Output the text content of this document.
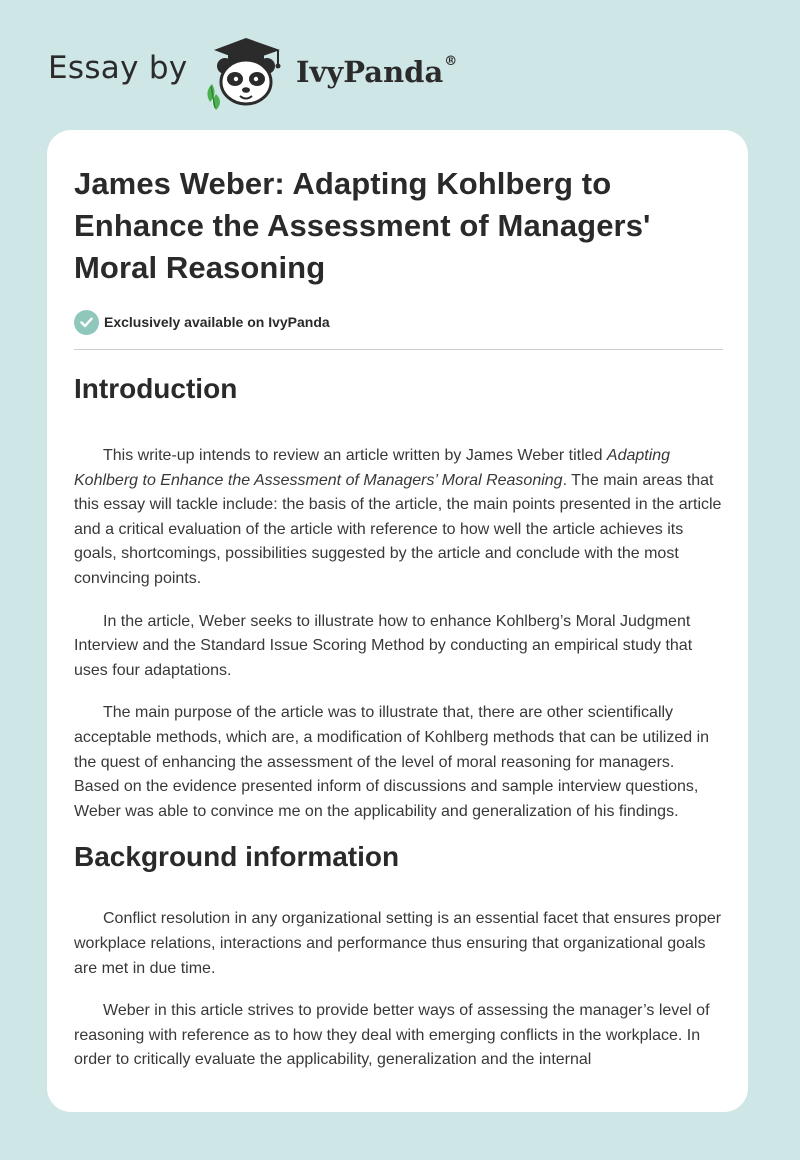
Essay by	IvyPanda®
James Weber: Adapting Kohlberg to Enhance the Assessment of Managers' Moral Reasoning
Exclusively available on IvyPanda
Introduction

This write-up intends to review an article written by James Weber titled Adapting Kohlberg to Enhance the Assessment of Managers’ Moral Reasoning. The main areas that this essay will tackle include: the basis of the article, the main points presented in the article and a critical evaluation of the article with reference to how well the article achieves its goals, shortcomings, possibilities suggested by the article and conclude with the most convincing points.

In the article, Weber seeks to illustrate how to enhance Kohlberg’s Moral Judgment Interview and the Standard Issue Scoring Method by conducting an empirical study that uses four adaptations.

The main purpose of the article was to illustrate that, there are other scientifically acceptable methods, which are, a modification of Kohlberg methods that can be utilized in the quest of enhancing the assessment of the level of moral reasoning for managers. Based on the evidence presented inform of discussions and sample interview questions, Weber was able to convince me on the applicability and generalization of his findings.

Background information

Conflict resolution in any organizational setting is an essential facet that ensures proper workplace relations, interactions and performance thus ensuring that organizational goals are met in due time.

Weber in this article strives to provide better ways of assessing the manager’s level of reasoning with reference as to how they deal with emerging conflicts in the workplace. In order to critically evaluate the applicability, generalization and the internal
